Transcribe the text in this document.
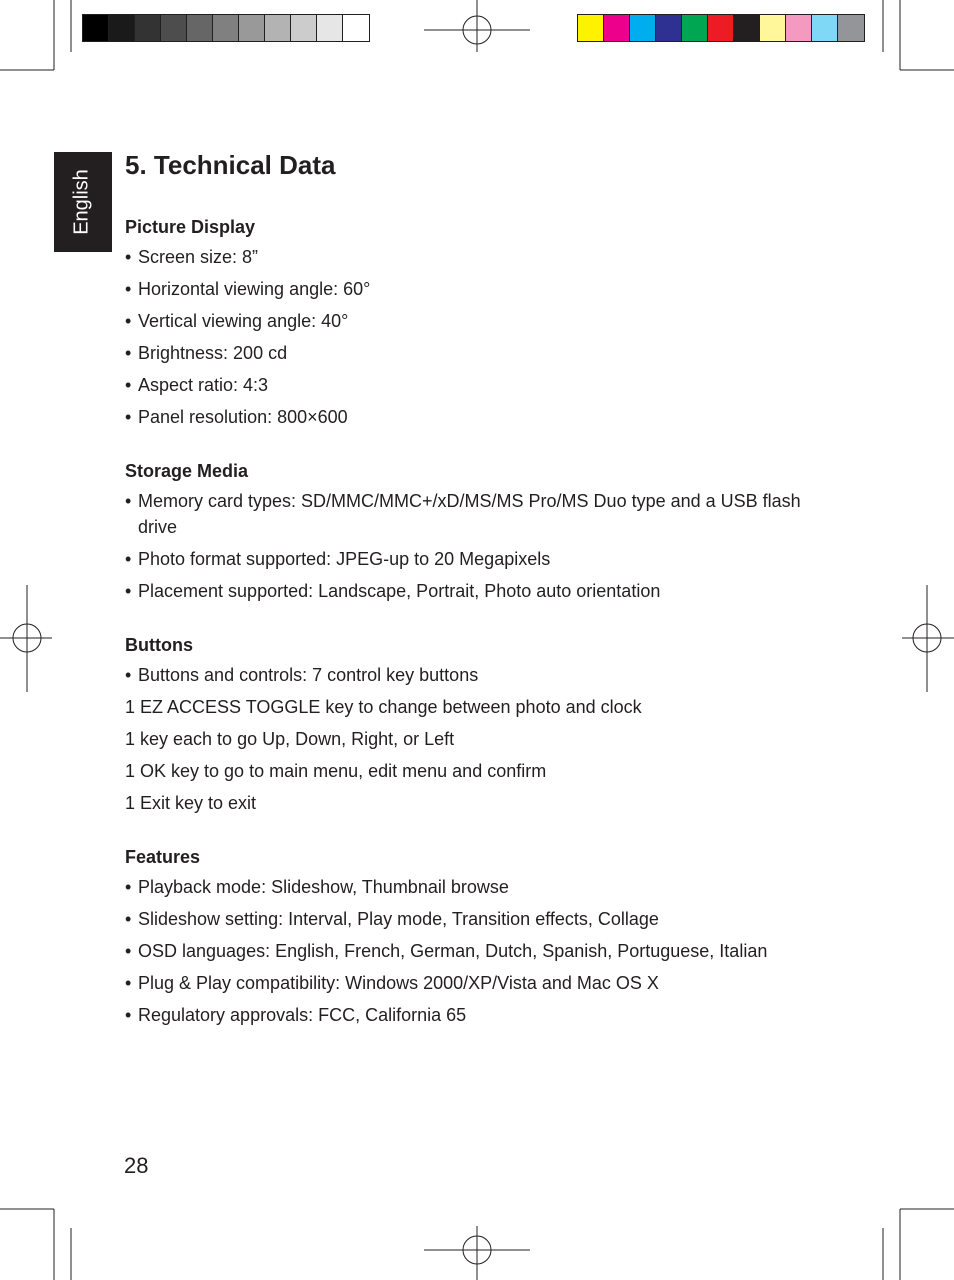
English
5. Technical Data
Picture Display
• Screen size: 8”
• Horizontal viewing angle: 60°
• Vertical viewing angle: 40°
• Brightness: 200 cd
• Aspect ratio: 4:3
• Panel resolution: 800×600
Storage Media
• Memory card types: SD/MMC/MMC+/xD/MS/MS Pro/MS Duo type and a USB flash drive
• Photo format supported: JPEG-up to 20 Megapixels
• Placement supported: Landscape, Portrait, Photo auto orientation
Buttons
• Buttons and controls: 7 control key buttons
1 EZ ACCESS TOGGLE key to change between photo and clock
1 key each to go Up, Down, Right, or Left
1 OK key to go to main menu, edit menu and confirm
1 Exit key to exit
Features
• Playback mode: Slideshow, Thumbnail browse
• Slideshow setting: Interval, Play mode, Transition effects, Collage
• OSD languages: English, French, German, Dutch, Spanish, Portuguese, Italian
• Plug & Play compatibility: Windows 2000/XP/Vista and Mac OS X
• Regulatory approvals: FCC, California 65
28
